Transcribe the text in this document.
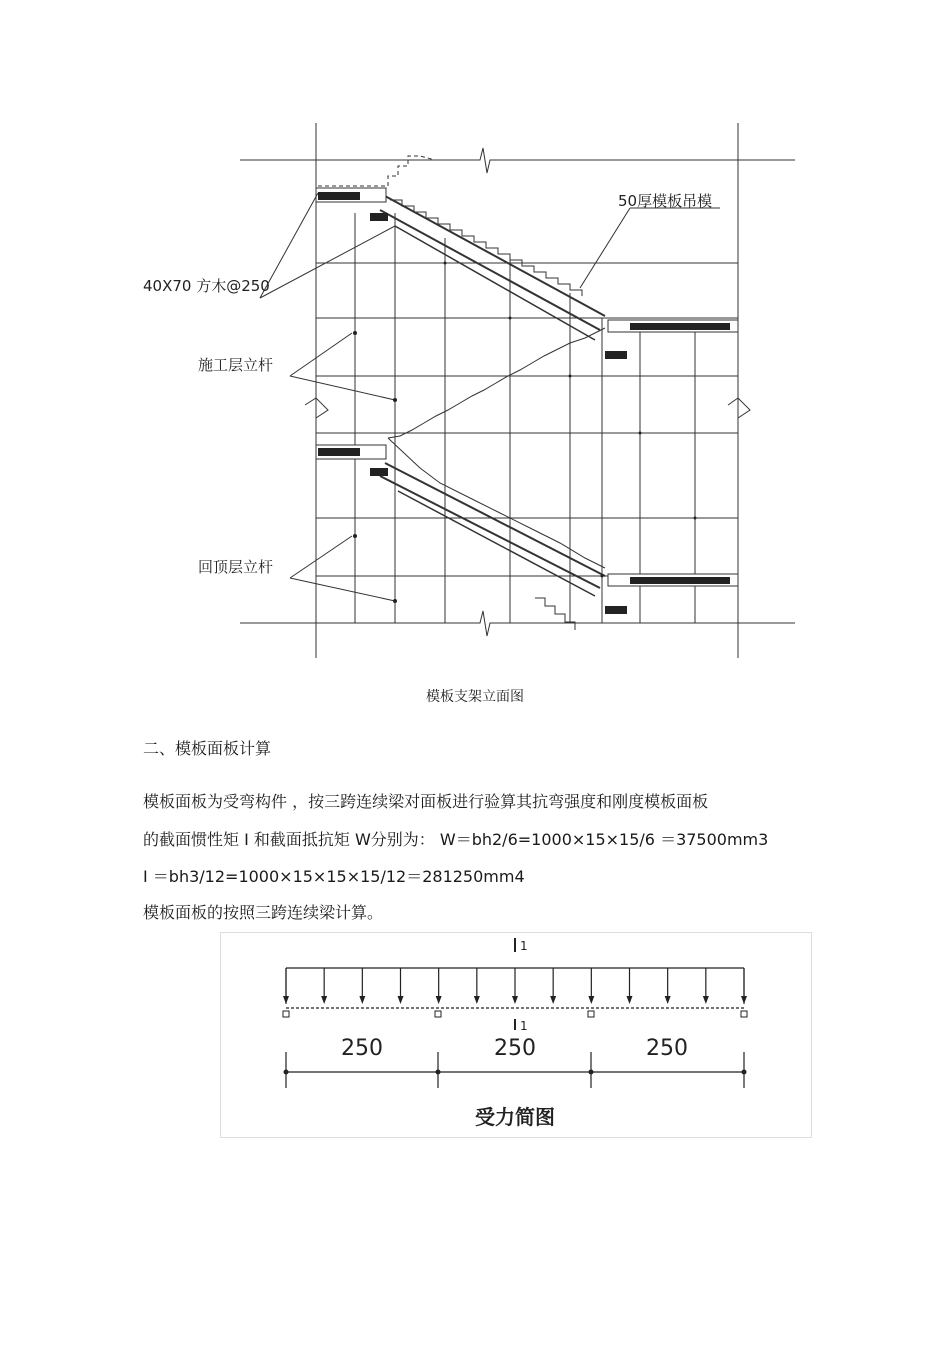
40X70 方木@250
50厚模板吊模
施工层立杆
回顶层立杆
模板支架立面图
二、模板面板计算
模板面板为受弯构件 ，按三跨连续梁对面板进行验算其抗弯强度和刚度模板面板
的截面惯性矩 I 和截面抵抗矩 W分别为： W＝bh2/6=1000×15×15/6 ＝37500mm3
I ＝bh3/12=1000×15×15×15/12＝281250mm4
模板面板的按照三跨连续梁计算。
1
1
250	250	250
受力简图
